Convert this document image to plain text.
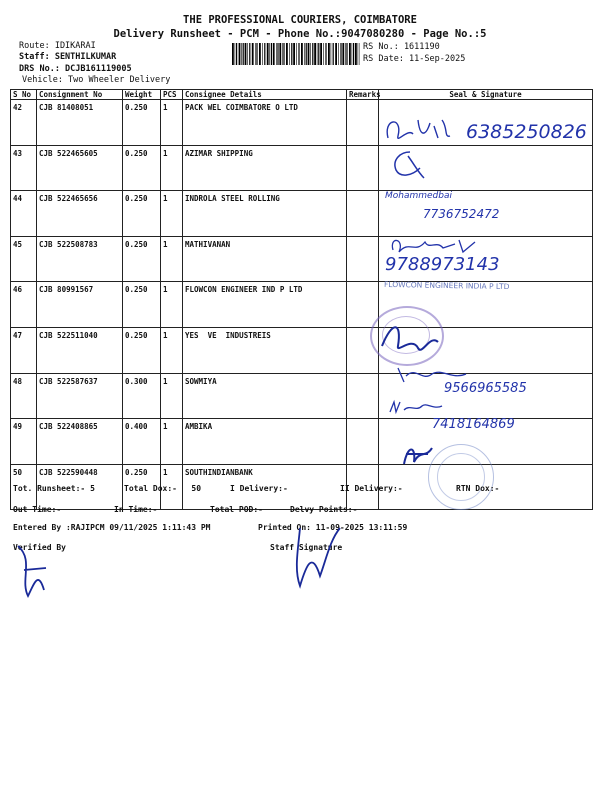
THE PROFESSIONAL COURIERS, COIMBATORE
Delivery Runsheet - PCM - Phone No.:9047080280 - Page No.:5
Route: IDIKARAI
Staff: SENTHILKUMAR
DRS No.: DCJB161119005
Vehicle: Two Wheeler Delivery
RS No.: 1611190
RS Date: 11-Sep-2025
S No	Consignment No	Weight	PCS	Consignee Details	Remarks	Seal & Signature
42	CJB 81408051	0.250	1	PACK WEL COIMBATORE O LTD		
43	CJB 522465605	0.250	1	AZIMAR SHIPPING		
44	CJB 522465656	0.250	1	INDROLA STEEL ROLLING		
45	CJB 522508783	0.250	1	MATHIVANAN		
46	CJB 80991567	0.250	1	FLOWCON ENGINEER IND P LTD		
47	CJB 522511040	0.250	1	YES  VE  INDUSTREIS		
48	CJB 522587637	0.300	1	SOWMIYA		
49	CJB 522408865	0.400	1	AMBIKA		
50	CJB 522590448	0.250	1	SOUTHINDIANBANK		
6385250826
Mohammedbai
7736752472
9788973143
FLOWCON ENGINEER INDIA P LTD
9566965585
7418164869
Tot. Runsheet:- 5	Total Dox:-   50	I Delivery:-	II Delivery:-	RTN Dox:-
Out Time:-	In Time:-	Total POD:-	Delvy Points:-
Entered By :RAJIPCM 09/11/2025 1:11:43 PM	Printed On: 11-09-2025 13:11:59
Verified By	Staff Signature
